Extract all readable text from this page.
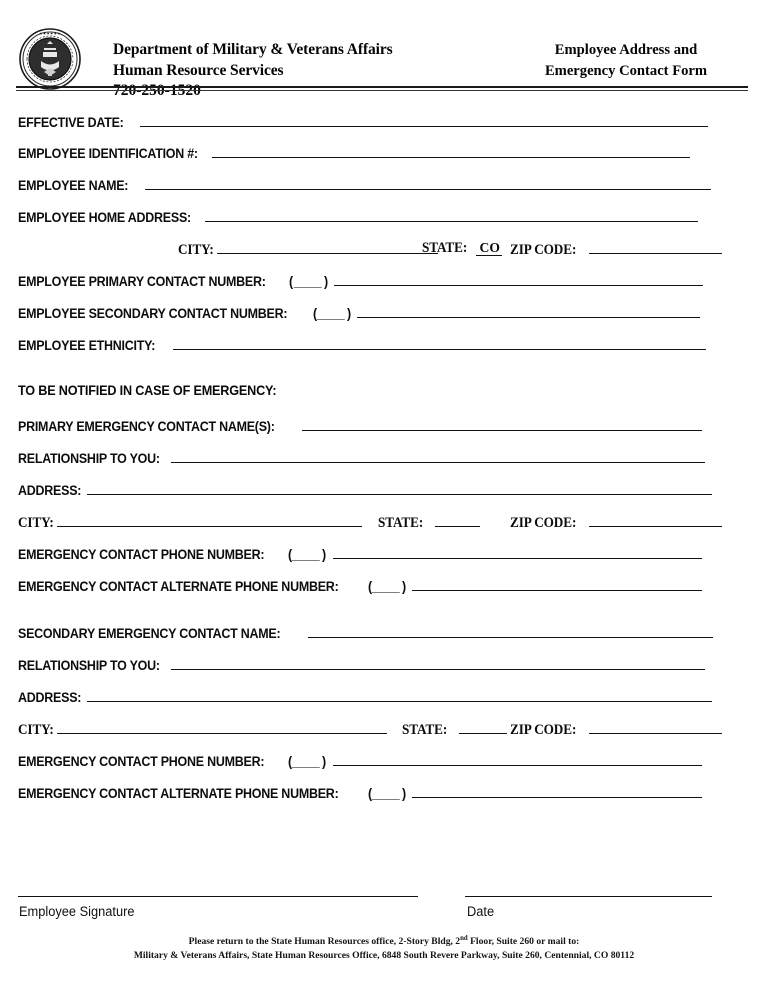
★ ★ ★ ★ ★ ★
Department of Military & Veterans Affairs
Human Resource Services
720-250-1520
Employee Address and
Emergency Contact Form
EFFECTIVE DATE:
EMPLOYEE IDENTIFICATION #:
EMPLOYEE NAME:
EMPLOYEE HOME ADDRESS:
CITY:	STATE: CO ZIP CODE:
EMPLOYEE PRIMARY CONTACT NUMBER: ( ____ )
EMPLOYEE SECONDARY CONTACT NUMBER: ( ____ )
EMPLOYEE ETHNICITY:
TO BE NOTIFIED IN CASE OF EMERGENCY:
PRIMARY EMERGENCY CONTACT NAME(S):
RELATIONSHIP TO YOU:
ADDRESS:
CITY:	STATE:	ZIP CODE:
EMERGENCY CONTACT PHONE NUMBER: ( ____ )
EMERGENCY CONTACT ALTERNATE PHONE NUMBER: ( ____ )
SECONDARY EMERGENCY CONTACT NAME:
RELATIONSHIP TO YOU:
ADDRESS:
CITY:	STATE:	ZIP CODE:
EMERGENCY CONTACT PHONE NUMBER: ( ____ )
EMERGENCY CONTACT ALTERNATE PHONE NUMBER: ( ____ )
Employee Signature	Date
Please return to the State Human Resources office, 2-Story Bldg, 2nd Floor, Suite 260 or mail to:
Military & Veterans Affairs, State Human Resources Office, 6848 South Revere Parkway, Suite 260, Centennial, CO 80112
